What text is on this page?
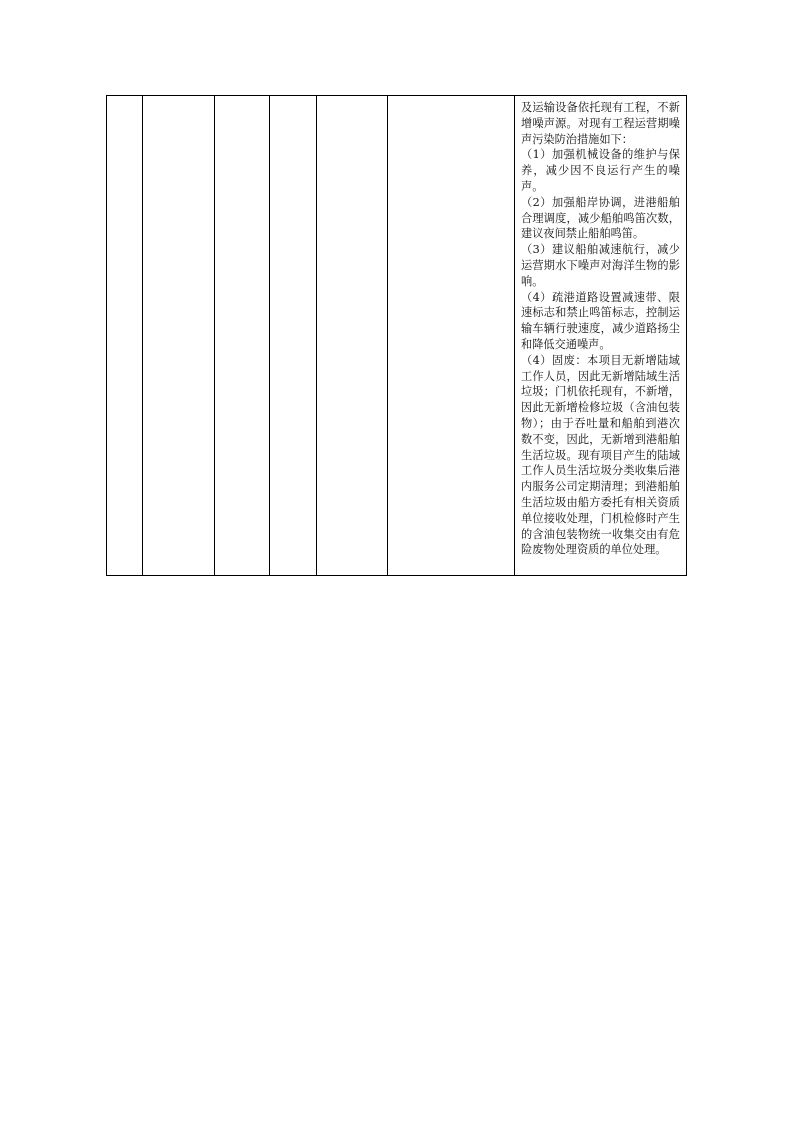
及运输设备依托现有工程，不新增噪声源。对现有工程运营期噪声污染防治措施如下：

（1）加强机械设备的维护与保养，减少因不良运行产生的噪声。

（2）加强船岸协调，进港船舶合理调度，减少船舶鸣笛次数，建议夜间禁止船舶鸣笛。

（3）建议船舶减速航行，减少运营期水下噪声对海洋生物的影响。

（4）疏港道路设置减速带、限速标志和禁止鸣笛标志，控制运输车辆行驶速度，减少道路扬尘和降低交通噪声。

（4）固废：本项目无新增陆域工作人员，因此无新增陆域生活垃圾；门机依托现有，不新增，因此无新增检修垃圾（含油包装物）；由于吞吐量和船舶到港次数不变，因此，无新增到港船舶生活垃圾。现有项目产生的陆域工作人员生活垃圾分类收集后港内服务公司定期清理；到港船舶生活垃圾由船方委托有相关资质单位接收处理，门机检修时产生的含油包装物统一收集交由有危险废物处理资质的单位处理。
